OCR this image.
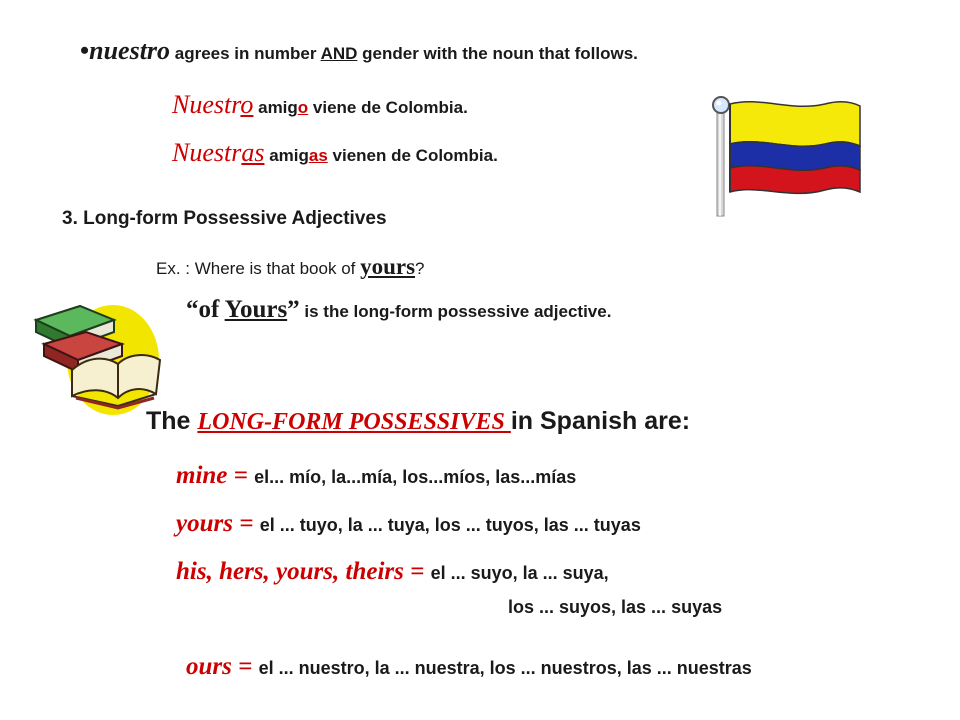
•nuestro agrees in number AND gender with the noun that follows.
Nuestro amigo viene de Colombia.
Nuestras amigas vienen de Colombia.
3. Long-form Possessive Adjectives
Ex. : Where is that book of yours?
“of Yours” is the long-form possessive adjective.
The LONG-FORM POSSESSIVES in Spanish are:
mine = el... mío, la...mía, los...míos, las...mías
yours = el ... tuyo, la ... tuya, los ... tuyos, las ... tuyas
his, hers, yours, theirs = el ... suyo, la ... suya,
los ... suyos, las ... suyas
ours = el ... nuestro, la ... nuestra, los ... nuestros, las ... nuestras
